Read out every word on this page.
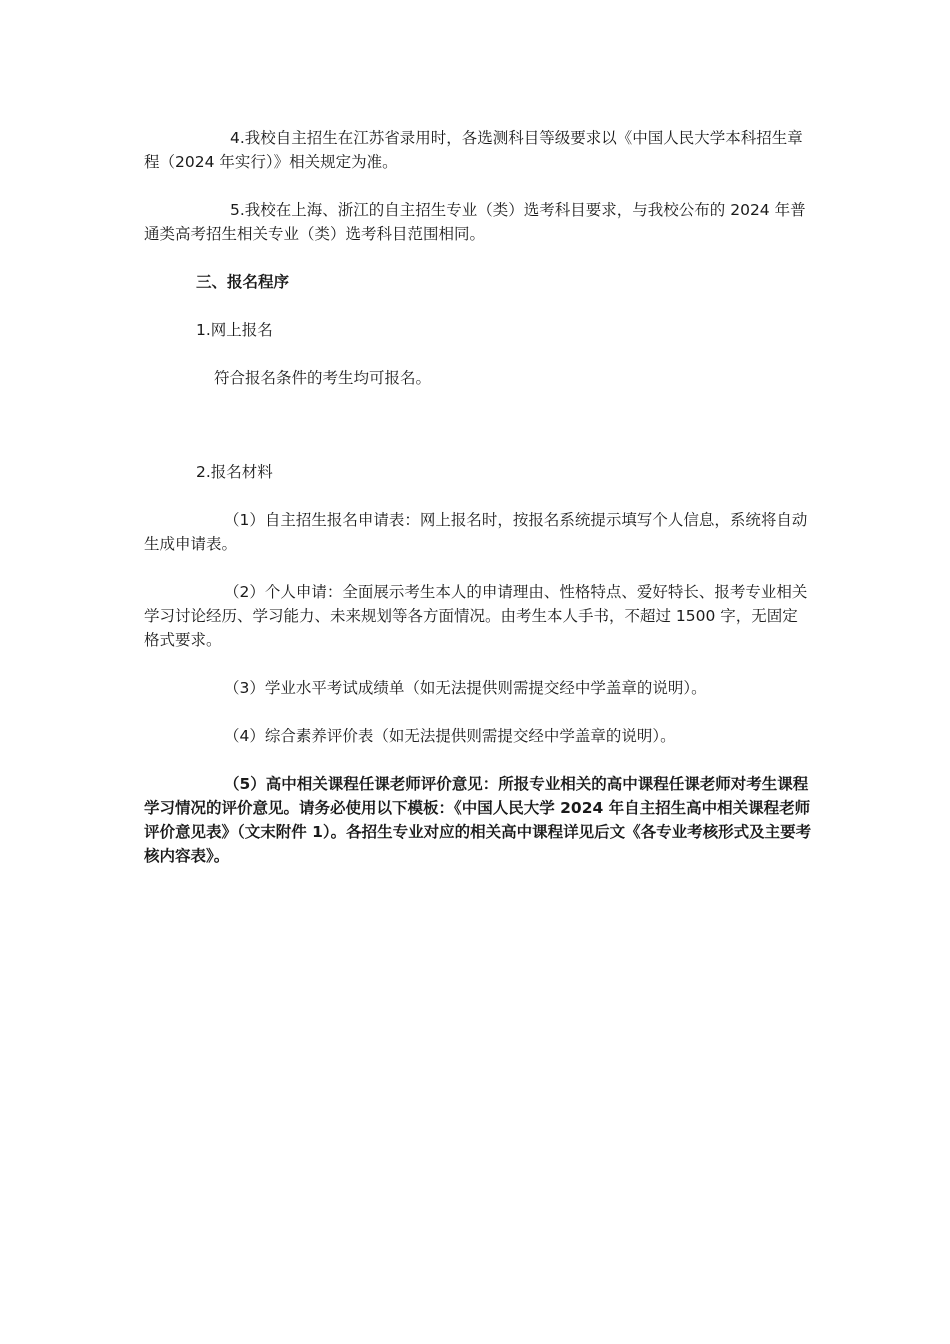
4.我校自主招生在江苏省录用时，各选测科目等级要求以《中国人民大学本科招生章程（2024 年实行）》相关规定为准。

5.我校在上海、浙江的自主招生专业（类）选考科目要求，与我校公布的 2024 年普通类高考招生相关专业（类）选考科目范围相同。

三、报名程序

1.网上报名

符合报名条件的考生均可报名。

2.报名材料

（1）自主招生报名申请表：网上报名时，按报名系统提示填写个人信息，系统将自动生成申请表。

（2）个人申请：全面展示考生本人的申请理由、性格特点、爱好特长、报考专业相关学习讨论经历、学习能力、未来规划等各方面情况。由考生本人手书，不超过 1500 字，无固定格式要求。

（3）学业水平考试成绩单（如无法提供则需提交经中学盖章的说明）。

（4）综合素养评价表（如无法提供则需提交经中学盖章的说明）。

（5）高中相关课程任课老师评价意见：所报专业相关的高中课程任课老师对考生课程学习情况的评价意见。请务必使用以下模板：《中国人民大学 2024 年自主招生高中相关课程老师评价意见表》（文末附件 1）。各招生专业对应的相关高中课程详见后文《各专业考核形式及主要考核内容表》。
